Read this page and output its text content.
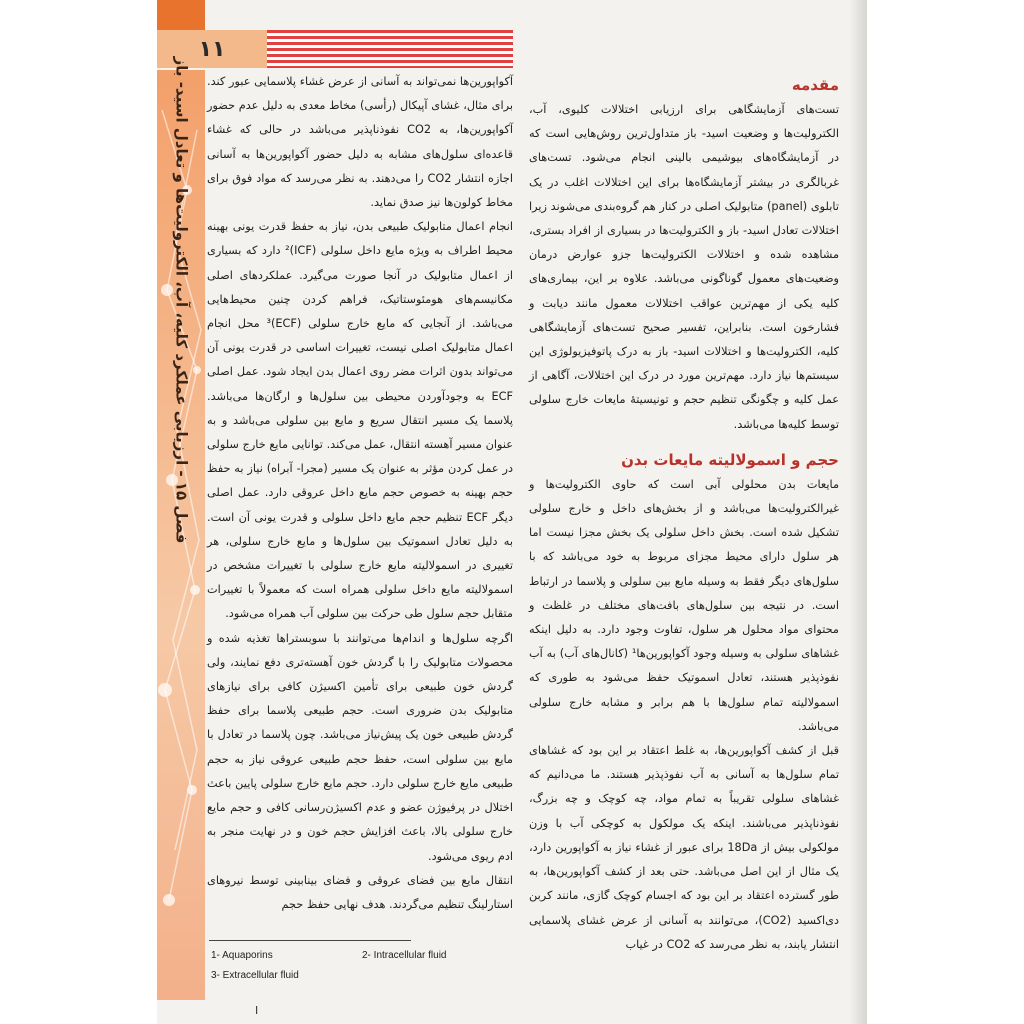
۱۱
فصل ۱۵ - ارزیابی عملکرد کلیه، آب، الکترولیت‌ها و تعادل اسید- باز

آکواپورین‌ها نمی‌تواند به آسانی از عرض غشاء پلاسمایی عبور کند. برای مثال، غشای آپیکال (رأسی) مخاط معدی به دلیل عدم حضور آکواپورین‌ها، به CO2 نفوذناپذیر می‌باشد در حالی که غشاء قاعده‌ای سلول‌های مشابه به دلیل حضور آکواپورین‌ها به آسانی اجازه انتشار CO2 را می‌دهند. به نظر می‌رسد که مواد فوق برای مخاط کولون‌ها نیز صدق نماید.

انجام اعمال متابولیک طبیعی بدن، نیاز به حفظ قدرت یونی بهینه محیط اطراف به ویژه مایع داخل سلولی (ICF)² دارد که بسیاری از اعمال متابولیک در آنجا صورت می‌گیرد. عملکردهای اصلی مکانیسم‌های هومئوستاتیک، فراهم کردن چنین محیط‌هایی می‌باشد. از آنجایی که مایع خارج سلولی (ECF)³ محل انجام اعمال متابولیک اصلی نیست، تغییرات اساسی در قدرت یونی آن می‌تواند بدون اثرات مضر روی اعمال بدن ایجاد شود. عمل اصلی ECF به وجودآوردن محیطی بین سلول‌ها و ارگان‌ها می‌باشد. پلاسما یک مسیر انتقال سریع و مایع بین سلولی می‌باشد و به عنوان مسیر آهسته انتقال، عمل می‌کند. توانایی مایع خارج سلولی در عمل کردن مؤثر به عنوان یک مسیر (مجرا- آبراه) نیاز به حفظ حجم بهینه به خصوص حجم مایع داخل عروقی دارد. عمل اصلی دیگر ECF تنظیم حجم مایع داخل سلولی و قدرت یونی آن است. به دلیل تعادل اسموتیک بین سلول‌ها و مایع خارج سلولی، هر تغییری در اسمولالیته مایع خارج سلولی با تغییرات مشخص در اسمولالیته مایع داخل سلولی همراه است که معمولاً با تغییرات متقابل حجم سلول طی حرکت بین سلولی آب همراه می‌شود.

اگرچه سلول‌ها و اندام‌ها می‌توانند با سوبستراها تغذیه شده و محصولات متابولیک را با گردش خون آهسته‌تری دفع نمایند، ولی گردش خون طبیعی برای تأمین اکسیژن کافی برای نیازهای متابولیک بدن ضروری است. حجم طبیعی پلاسما برای حفظ گردش طبیعی خون یک پیش‌نیاز می‌باشد. چون پلاسما در تعادل با مایع بین سلولی است، حفظ حجم طبیعی عروقی نیاز به حجم طبیعی مایع خارج سلولی دارد. حجم مایع خارج سلولی پایین باعث اختلال در پرفیوژن عضو و عدم اکسیژن‌رسانی کافی و حجم مایع خارج سلولی بالا، باعث افزایش حجم خون و در نهایت منجر به ادم ریوی می‌شود.

انتقال مایع بین فضای عروقی و فضای بینابینی توسط نیروهای استارلینگ تنظیم می‌گردند. هدف نهایی حفظ حجم

مقدمه

تست‌های آزمایشگاهی برای ارزیابی اختلالات کلیوی، آب، الکترولیت‌ها و وضعیت اسید- باز متداول‌ترین روش‌هایی است که در آزمایشگاه‌های بیوشیمی بالینی انجام می‌شود. تست‌های غربالگری در بیشتر آزمایشگاه‌ها برای این اختلالات اغلب در یک تابلوی (panel) متابولیک اصلی در کنار هم گروه‌بندی می‌شوند زیرا اختلالات تعادل اسید- باز و الکترولیت‌ها در بسیاری از افراد بستری، مشاهده شده و اختلالات الکترولیت‌ها جزو عوارض درمان وضعیت‌های معمول گوناگونی می‌باشد. علاوه بر این، بیماری‌های کلیه یکی از مهم‌ترین عواقب اختلالات معمول مانند دیابت و فشارخون است. بنابراین، تفسیر صحیح تست‌های آزمایشگاهی کلیه، الکترولیت‌ها و اختلالات اسید- باز به درک پاتوفیزیولوژی این سیستم‌ها نیاز دارد. مهم‌ترین مورد در درک این اختلالات، آگاهی از عمل کلیه و چگونگی تنظیم حجم و تونیسیتهٔ مایعات خارج سلولی توسط کلیه‌ها می‌باشد.

حجم و اسمولالیته مایعات بدن

مایعات بدن محلولی آبی است که حاوی الکترولیت‌ها و غیرالکترولیت‌ها می‌باشد و از بخش‌های داخل و خارج سلولی تشکیل شده است. بخش داخل سلولی یک بخش مجزا نیست اما هر سلول دارای محیط مجزای مربوط به خود می‌باشد که با سلول‌های دیگر فقط به وسیله مایع بین سلولی و پلاسما در ارتباط است. در نتیجه بین سلول‌های بافت‌های مختلف در غلظت و محتوای مواد محلول هر سلول، تفاوت وجود دارد. به دلیل اینکه غشاهای سلولی به وسیله وجود آکواپورین‌ها¹ (کانال‌های آب) به آب نفوذپذیر هستند، تعادل اسموتیک حفظ می‌شود به طوری که اسمولالیته تمام سلول‌ها با هم برابر و مشابه خارج سلولی می‌باشد.

قبل از کشف آکواپورین‌ها، به غلط اعتقاد بر این بود که غشاهای تمام سلول‌ها به آسانی به آب نفوذپذیر هستند. ما می‌دانیم که غشاهای سلولی تقریباً به تمام مواد، چه کوچک و چه بزرگ، نفوذناپذیر می‌باشند. اینکه یک مولکول به کوچکی آب با وزن مولکولی بیش از 18Da برای عبور از غشاء نیاز به آکواپورین دارد، یک مثال از این اصل می‌باشد. حتی بعد از کشف آکواپورین‌ها، به طور گسترده اعتقاد بر این بود که اجسام کوچک گازی، مانند کربن دی‌اکسید (CO2)، می‌توانند به آسانی از عرض غشای پلاسمایی انتشار یابند، به نظر می‌رسد که CO2 در غیاب

1- Aquaporins	2- Intracellular fluid
3- Extracellular fluid
I
